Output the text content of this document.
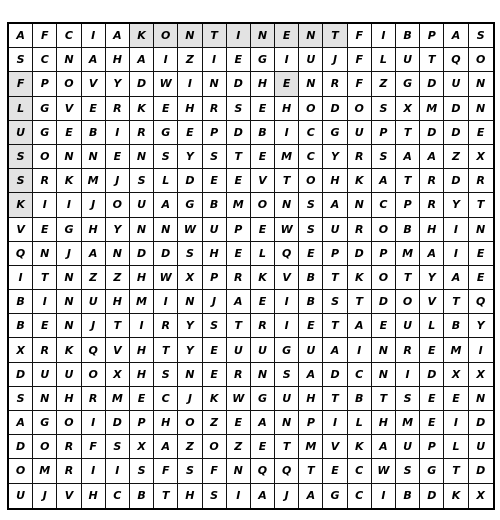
A	F	C	I	A	K	O	N	T	I	N	E	N	T	F	I	B	P	A	S
S	C	N	A	H	A	I	Z	I	E	G	I	U	J	F	L	U	T	Q	O
F	P	O	V	Y	D	W	I	N	D	H	E	N	R	F	Z	G	D	U	N
L	G	V	E	R	K	E	H	R	S	E	H	O	D	O	S	X	M	D	N
U	G	E	B	I	R	G	E	P	D	B	I	C	G	U	P	T	D	D	E
S	O	N	N	E	N	S	Y	S	T	E	M	C	Y	R	S	A	A	Z	X
S	R	K	M	J	S	L	D	E	E	V	T	O	H	K	A	T	R	D	R
K	I	I	J	O	U	A	G	B	M	O	N	S	A	N	C	P	R	Y	T
V	E	G	H	Y	N	N	W	U	P	E	W	S	U	R	O	B	H	I	N
Q	N	J	A	N	D	D	S	H	E	L	Q	E	P	D	P	M	A	I	E
I	T	N	Z	Z	H	W	X	P	R	K	V	B	T	K	O	T	Y	A	E
B	I	N	U	H	M	I	N	J	A	E	I	B	S	T	D	O	V	T	Q
B	E	N	J	T	I	R	Y	S	T	R	I	E	T	A	E	U	L	B	Y
X	R	K	Q	V	H	T	Y	E	U	U	G	U	A	I	N	R	E	M	I
D	U	U	O	X	H	S	N	E	R	N	S	A	D	C	N	I	D	X	X
S	N	H	R	M	E	C	J	K	W	G	U	H	T	B	T	S	E	E	N
A	G	O	I	D	P	H	O	Z	E	A	N	P	I	L	H	M	E	I	D
D	O	R	F	S	X	A	Z	O	Z	E	T	M	V	K	A	U	P	L	U
O	M	R	I	I	S	F	S	F	N	Q	Q	T	E	C	W	S	G	T	D
U	J	V	H	C	B	T	H	S	I	A	J	A	G	C	I	B	D	K	X
